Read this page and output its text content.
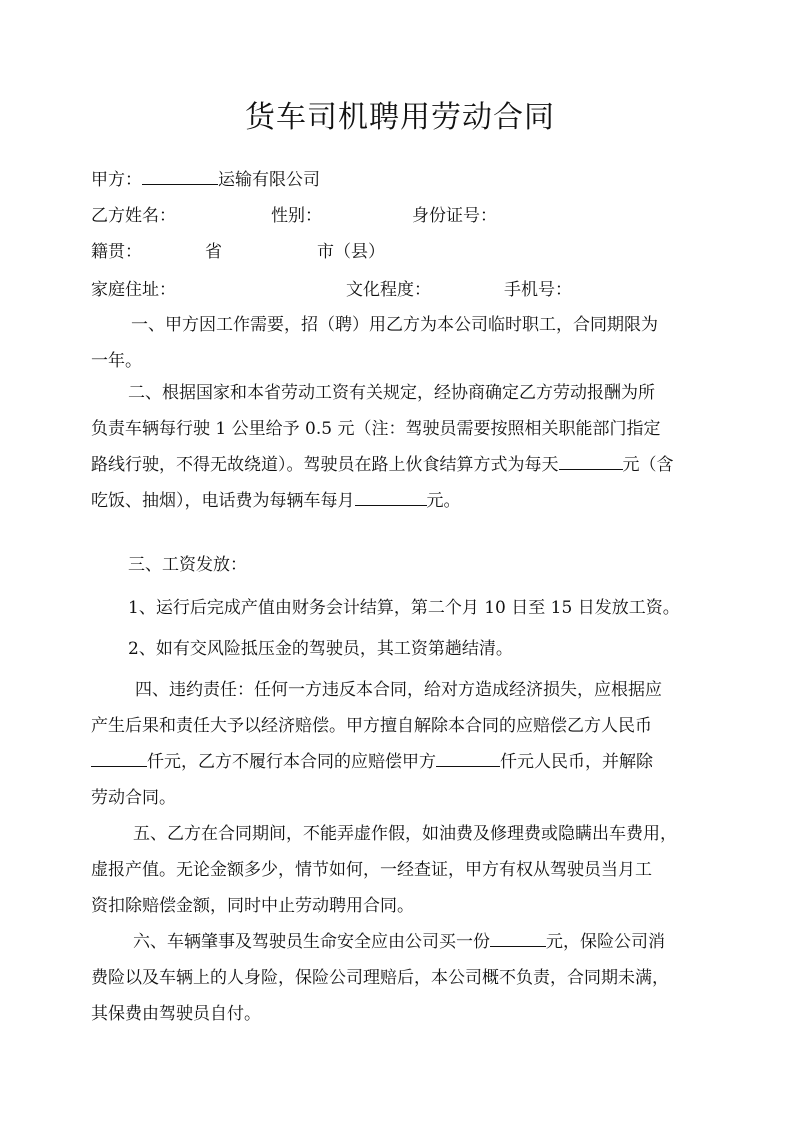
货车司机聘用劳动合同
甲方：	运输有限公司
乙方姓名：	性别：	身份证号：
籍贯：	省	市（县）
家庭住址：	文化程度：	手机号：
一、甲方因工作需要，招（聘）用乙方为本公司临时职工，合同期限为
一年。
二、根据国家和本省劳动工资有关规定，经协商确定乙方劳动报酬为所
负责车辆每行驶 1 公里给予 0.5 元（注：驾驶员需要按照相关职能部门指定
路线行驶，不得无故绕道）。驾驶员在路上伙食结算方式为每天	元（含
吃饭、抽烟），电话费为每辆车每月	元。
三、工资发放：
1、运行后完成产值由财务会计结算，第二个月 10 日至 15 日发放工资。
2、如有交风险抵压金的驾驶员，其工资第趟结清。
四、违约责任：任何一方违反本合同，给对方造成经济损失，应根据应
产生后果和责任大予以经济赔偿。甲方擅自解除本合同的应赔偿乙方人民币
仟元，乙方不履行本合同的应赔偿甲方	仟元人民币，并解除
劳动合同。
五、乙方在合同期间，不能弄虚作假，如油费及修理费或隐瞒出车费用，
虚报产值。无论金额多少，情节如何，一经查证，甲方有权从驾驶员当月工
资扣除赔偿金额，同时中止劳动聘用合同。
六、车辆肇事及驾驶员生命安全应由公司买一份	元，保险公司消
费险以及车辆上的人身险，保险公司理赔后，本公司概不负责，合同期未满，
其保费由驾驶员自付。
